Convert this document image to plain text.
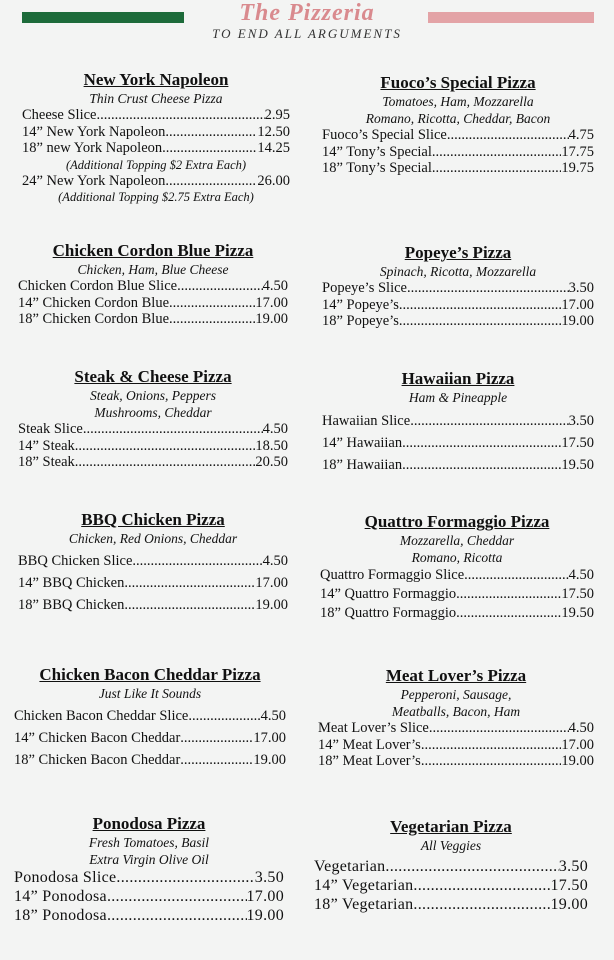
The Pizzeria
TO END ALL ARGUMENTS
New York Napoleon
Thin Crust Cheese Pizza
Cheese Slice .....	2.95
14” New York Napoleon .....	12.50
18” new York Napoleon .....	14.25
(Additional Topping $2 Extra Each)
24” New York Napoleon .....	26.00
(Additional Topping $2.75 Extra Each)
Fuoco’s Special Pizza
Tomatoes, Ham, Mozzarella
Romano, Ricotta, Cheddar, Bacon
Fuoco’s Special Slice .....	4.75
14” Tony’s Special .....	17.75
18” Tony’s Special .....	19.75
Chicken Cordon Blue Pizza
Chicken, Ham, Blue Cheese
Chicken Cordon Blue Slice .....	4.50
14” Chicken Cordon Blue .....	17.00
18” Chicken Cordon Blue .....	19.00
Popeye’s Pizza
Spinach, Ricotta, Mozzarella
Popeye’s Slice .....	3.50
14” Popeye’s .....	17.00
18” Popeye’s .....	19.00
Steak & Cheese Pizza
Steak, Onions, Peppers
Mushrooms, Cheddar
Steak Slice .....	4.50
14” Steak .....	18.50
18” Steak .....	20.50
Hawaiian Pizza
Ham & Pineapple
Hawaiian Slice .....	3.50
14” Hawaiian .....	17.50
18” Hawaiian .....	19.50
BBQ Chicken Pizza
Chicken, Red Onions, Cheddar
BBQ Chicken Slice .....	4.50
14” BBQ Chicken .....	17.00
18” BBQ Chicken .....	19.00
Quattro Formaggio Pizza
Mozzarella, Cheddar
Romano, Ricotta
Quattro Formaggio Slice .....	4.50
14” Quattro Formaggio .....	17.50
18” Quattro Formaggio .....	19.50
Chicken Bacon Cheddar Pizza
Just Like It Sounds
Chicken Bacon Cheddar Slice .....	4.50
14” Chicken Bacon Cheddar .....	17.00
18” Chicken Bacon Cheddar .....	19.00
Meat Lover’s Pizza
Pepperoni, Sausage,
Meatballs, Bacon, Ham
Meat Lover’s Slice .....	4.50
14” Meat Lover’s .....	17.00
18” Meat Lover’s .....	19.00
Ponodosa Pizza
Fresh Tomatoes, Basil
Extra Virgin Olive Oil
Ponodosa Slice .....	3.50
14” Ponodosa .....	17.00
18” Ponodosa .....	19.00
Vegetarian Pizza
All Veggies
Vegetarian .....	3.50
14” Vegetarian .....	17.50
18” Vegetarian .....	19.00
